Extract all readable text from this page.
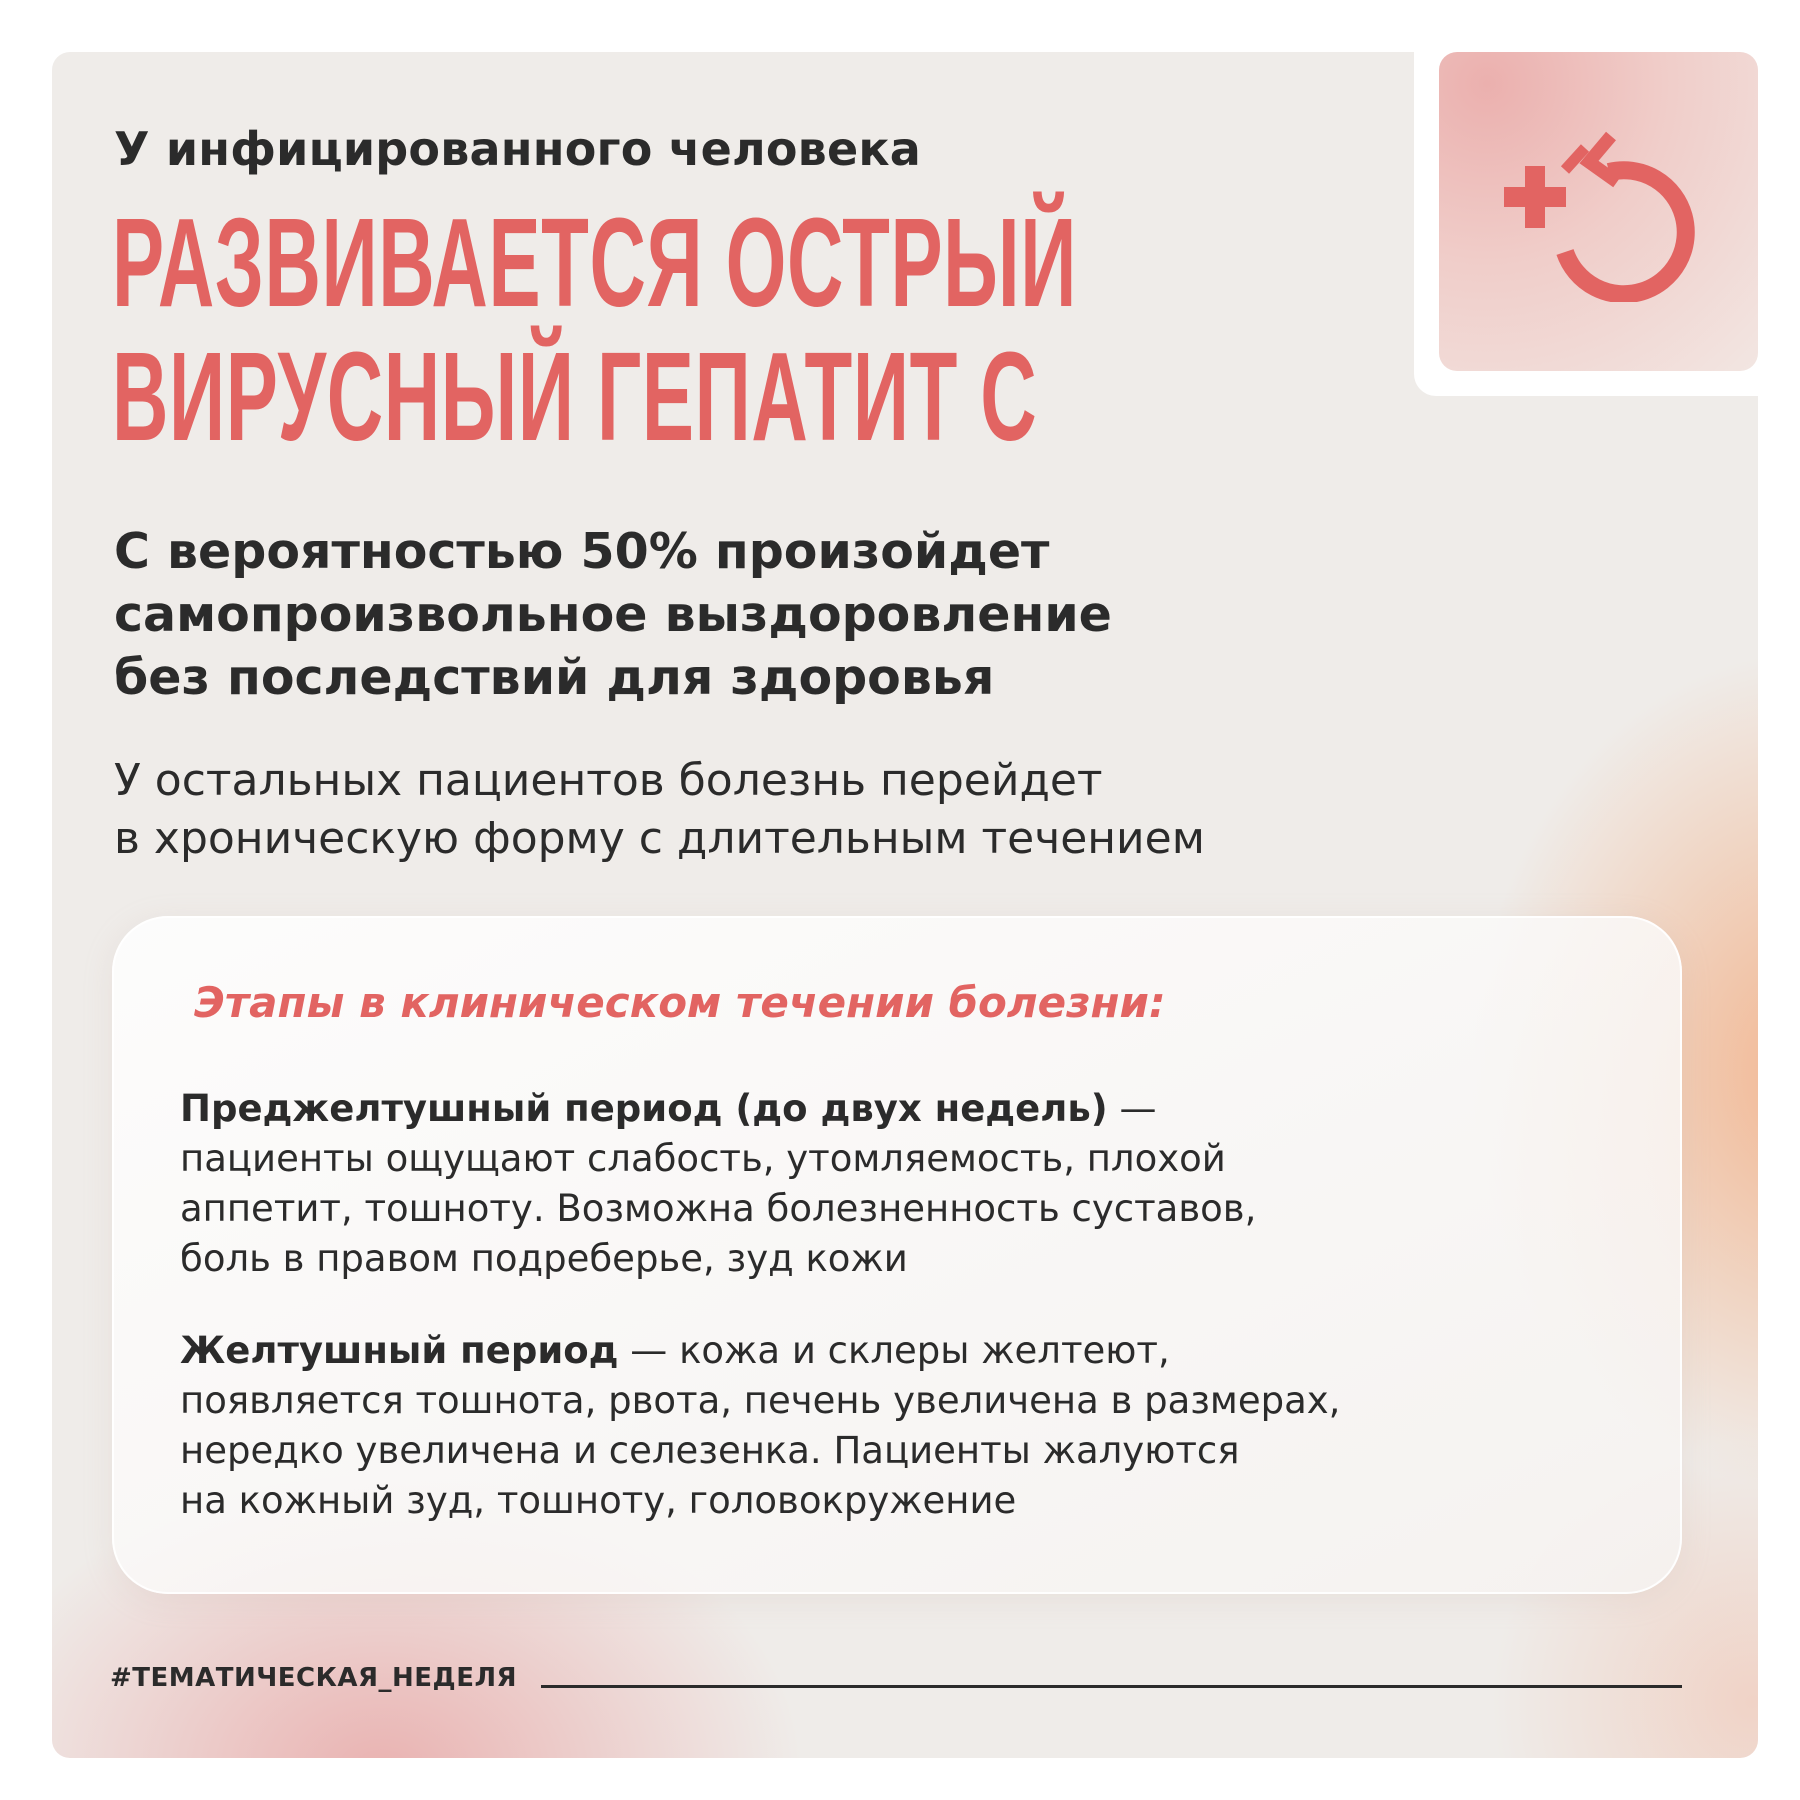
У инфицированного человека
РАЗВИВАЕТСЯ ОСТРЫЙ
ВИРУСНЫЙ ГЕПАТИТ С
С вероятностью 50% произойдет
самопроизвольное выздоровление
без последствий для здоровья
У остальных пациентов болезнь перейдет
в хроническую форму с длительным течением
Этапы в клиническом течении болезни:
Преджелтушный период (до двух недель) —
пациенты ощущают слабость, утомляемость, плохой
аппетит, тошноту. Возможна болезненность суставов,
боль в правом подреберье, зуд кожи
Желтушный период — кожа и склеры желтеют,
появляется тошнота, рвота, печень увеличена в размерах,
нередко увеличена и селезенка. Пациенты жалуются
на кожный зуд, тошноту, головокружение
#ТЕМАТИЧЕСКАЯ_НЕДЕЛЯ
